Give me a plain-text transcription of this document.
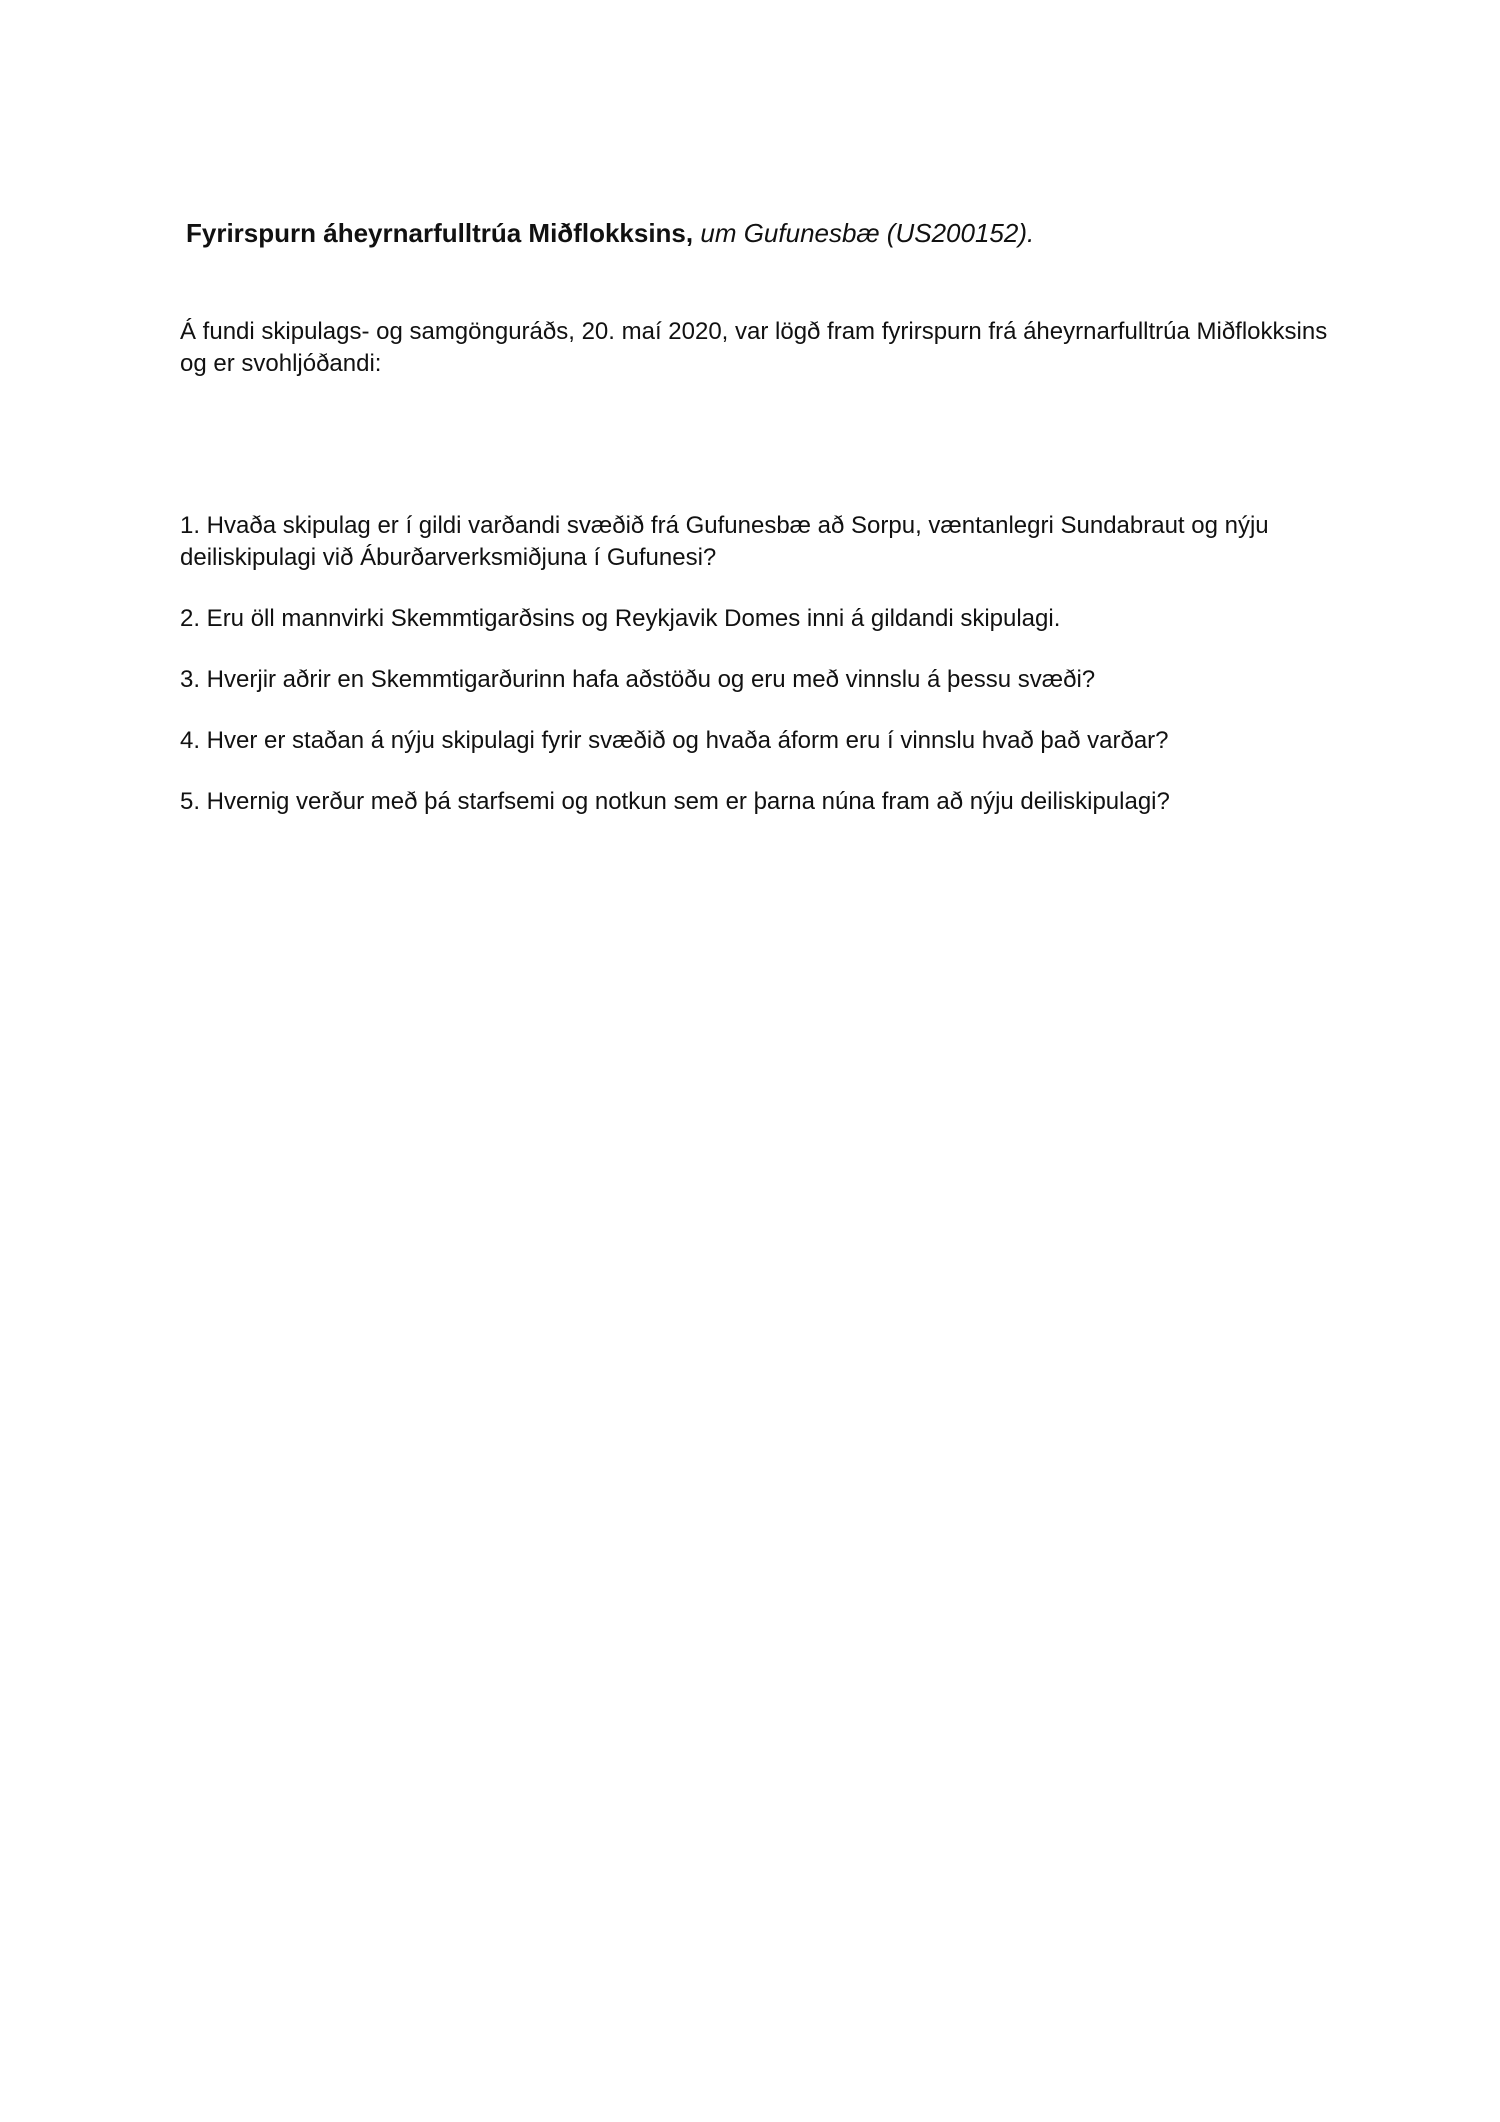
Fyrirspurn áheyrnarfulltrúa Miðflokksins, um Gufunesbæ (US200152).
Á fundi skipulags- og samgönguráðs, 20. maí 2020, var lögð fram fyrirspurn frá áheyrnarfulltrúa Miðflokksins og er svohljóðandi:

1. Hvaða skipulag er í gildi varðandi svæðið frá Gufunesbæ að Sorpu, væntanlegri Sundabraut og nýju deiliskipulagi við Áburðarverksmiðjuna í Gufunesi?

2. Eru öll mannvirki Skemmtigarðsins og Reykjavik Domes inni á gildandi skipulagi.

3. Hverjir aðrir en Skemmtigarðurinn hafa aðstöðu og eru með vinnslu á þessu svæði?

4. Hver er staðan á nýju skipulagi fyrir svæðið og hvaða áform eru í vinnslu hvað það varðar?

5. Hvernig verður með þá starfsemi og notkun sem er þarna núna fram að nýju deiliskipulagi?
